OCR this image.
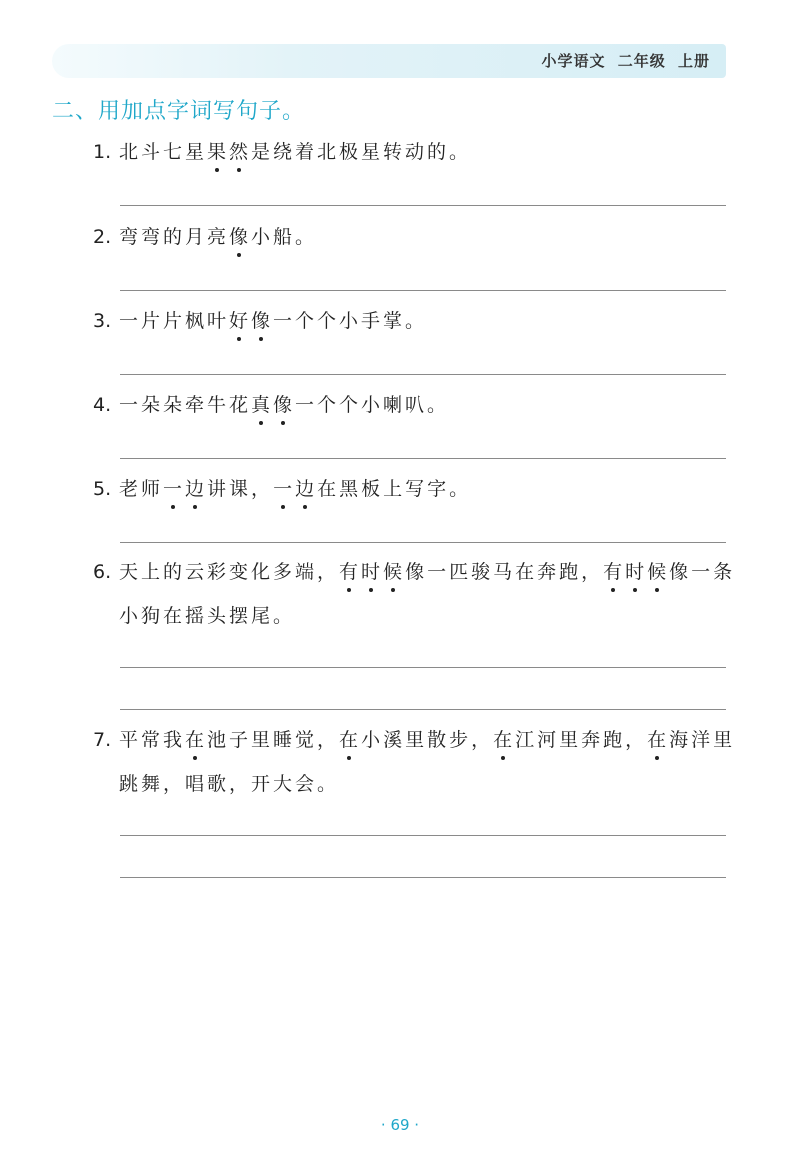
小学语文 二年级 上册
二、用加点字词写句子。
1. 北斗七星果然是绕着北极星转动的。
2. 弯弯的月亮像小船。
3. 一片片枫叶好像一个个小手掌。
4. 一朵朵牵牛花真像一个个小喇叭。
5. 老师一边讲课，一边在黑板上写字。
6. 天上的云彩变化多端，有时候像一匹骏马在奔跑，有时候像一条
小狗在摇头摆尾。
7. 平常我在池子里睡觉，在小溪里散步，在江河里奔跑，在海洋里
跳舞，唱歌，开大会。
· 69 ·
